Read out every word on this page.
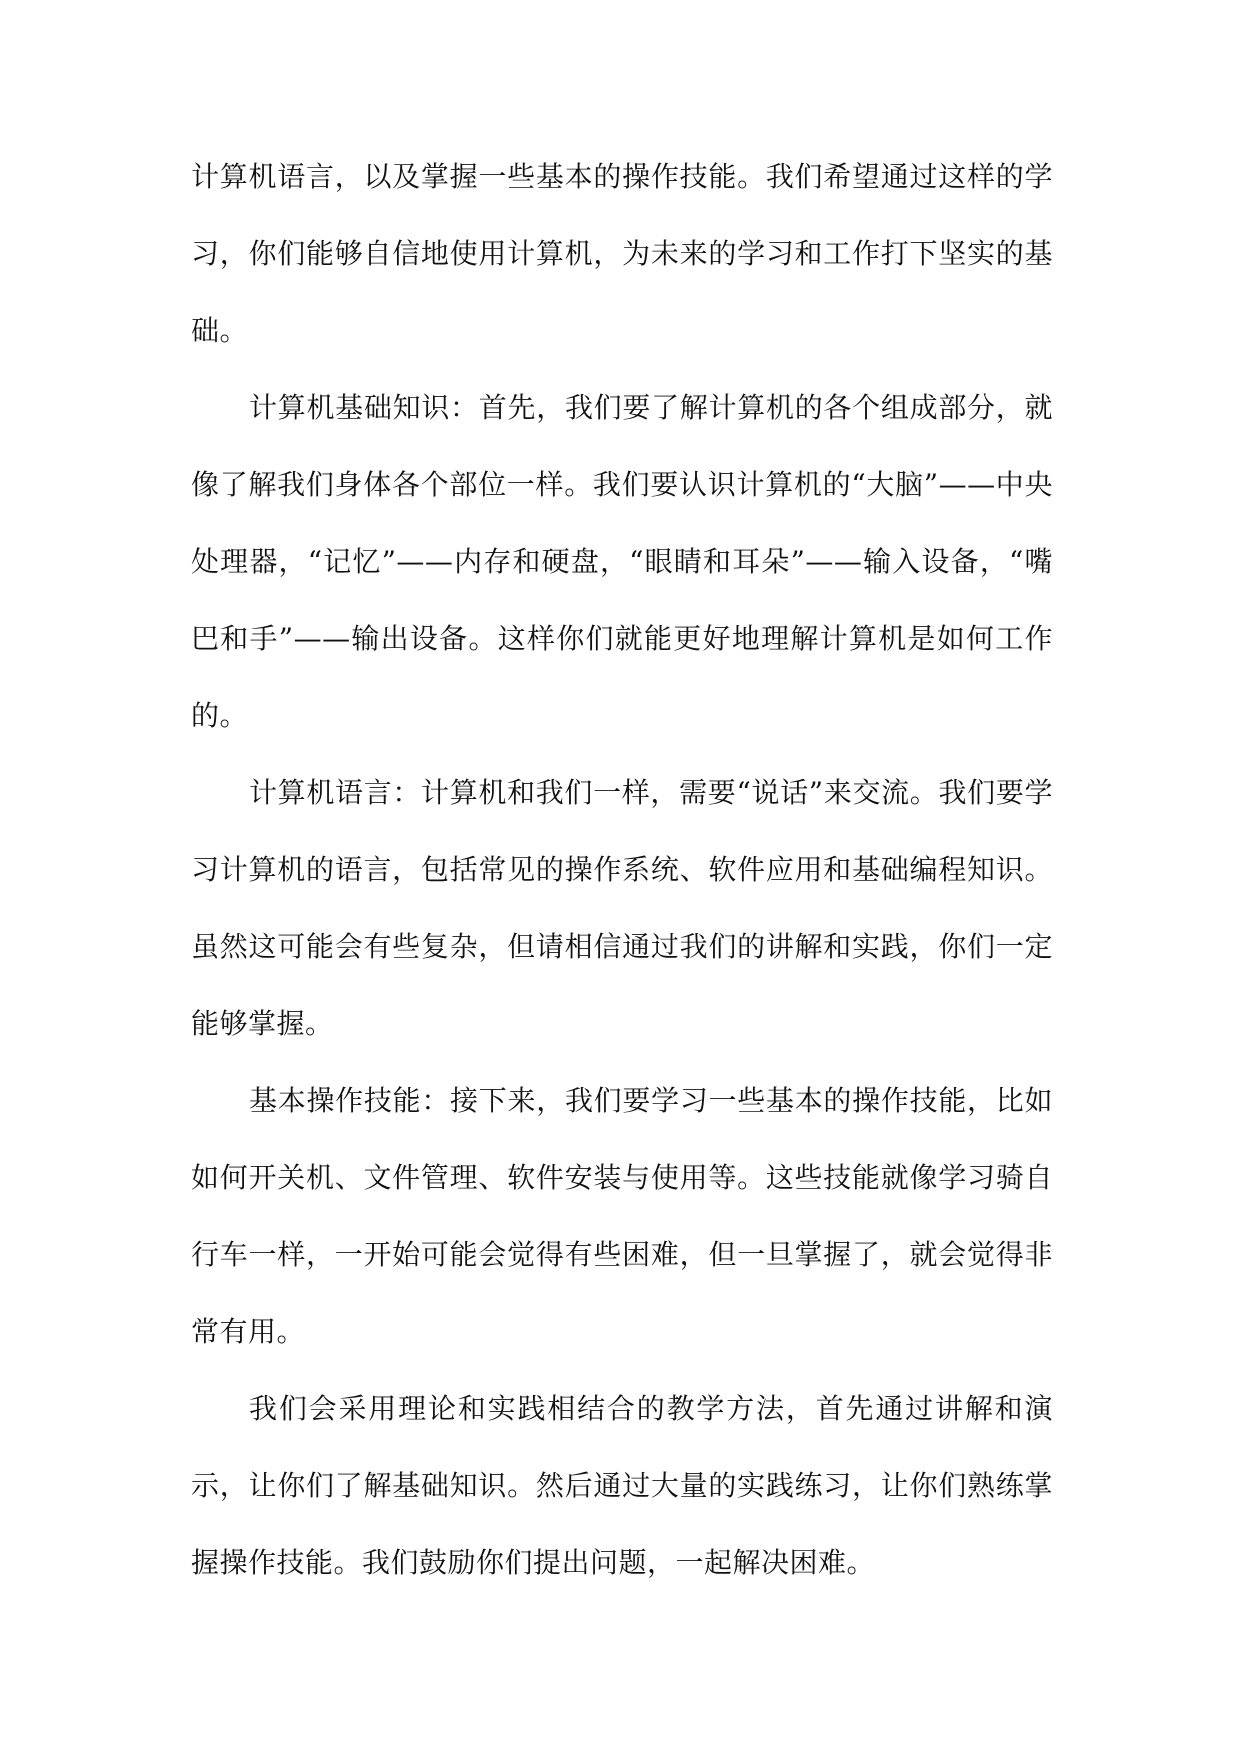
计算机语言，以及掌握一些基本的操作技能。我们希望通过这样的学习，你们能够自信地使用计算机，为未来的学习和工作打下坚实的基础。

计算机基础知识：首先，我们要了解计算机的各个组成部分，就像了解我们身体各个部位一样。我们要认识计算机的“大脑”——中央处理器，“记忆”——内存和硬盘，“眼睛和耳朵”——输入设备，“嘴巴和手”——输出设备。这样你们就能更好地理解计算机是如何工作的。

计算机语言：计算机和我们一样，需要“说话”来交流。我们要学习计算机的语言，包括常见的操作系统、软件应用和基础编程知识。虽然这可能会有些复杂，但请相信通过我们的讲解和实践，你们一定能够掌握。

基本操作技能：接下来，我们要学习一些基本的操作技能，比如如何开关机、文件管理、软件安装与使用等。这些技能就像学习骑自行车一样，一开始可能会觉得有些困难，但一旦掌握了，就会觉得非常有用。

我们会采用理论和实践相结合的教学方法，首先通过讲解和演示，让你们了解基础知识。然后通过大量的实践练习，让你们熟练掌握操作技能。我们鼓励你们提出问题，一起解决困难。
